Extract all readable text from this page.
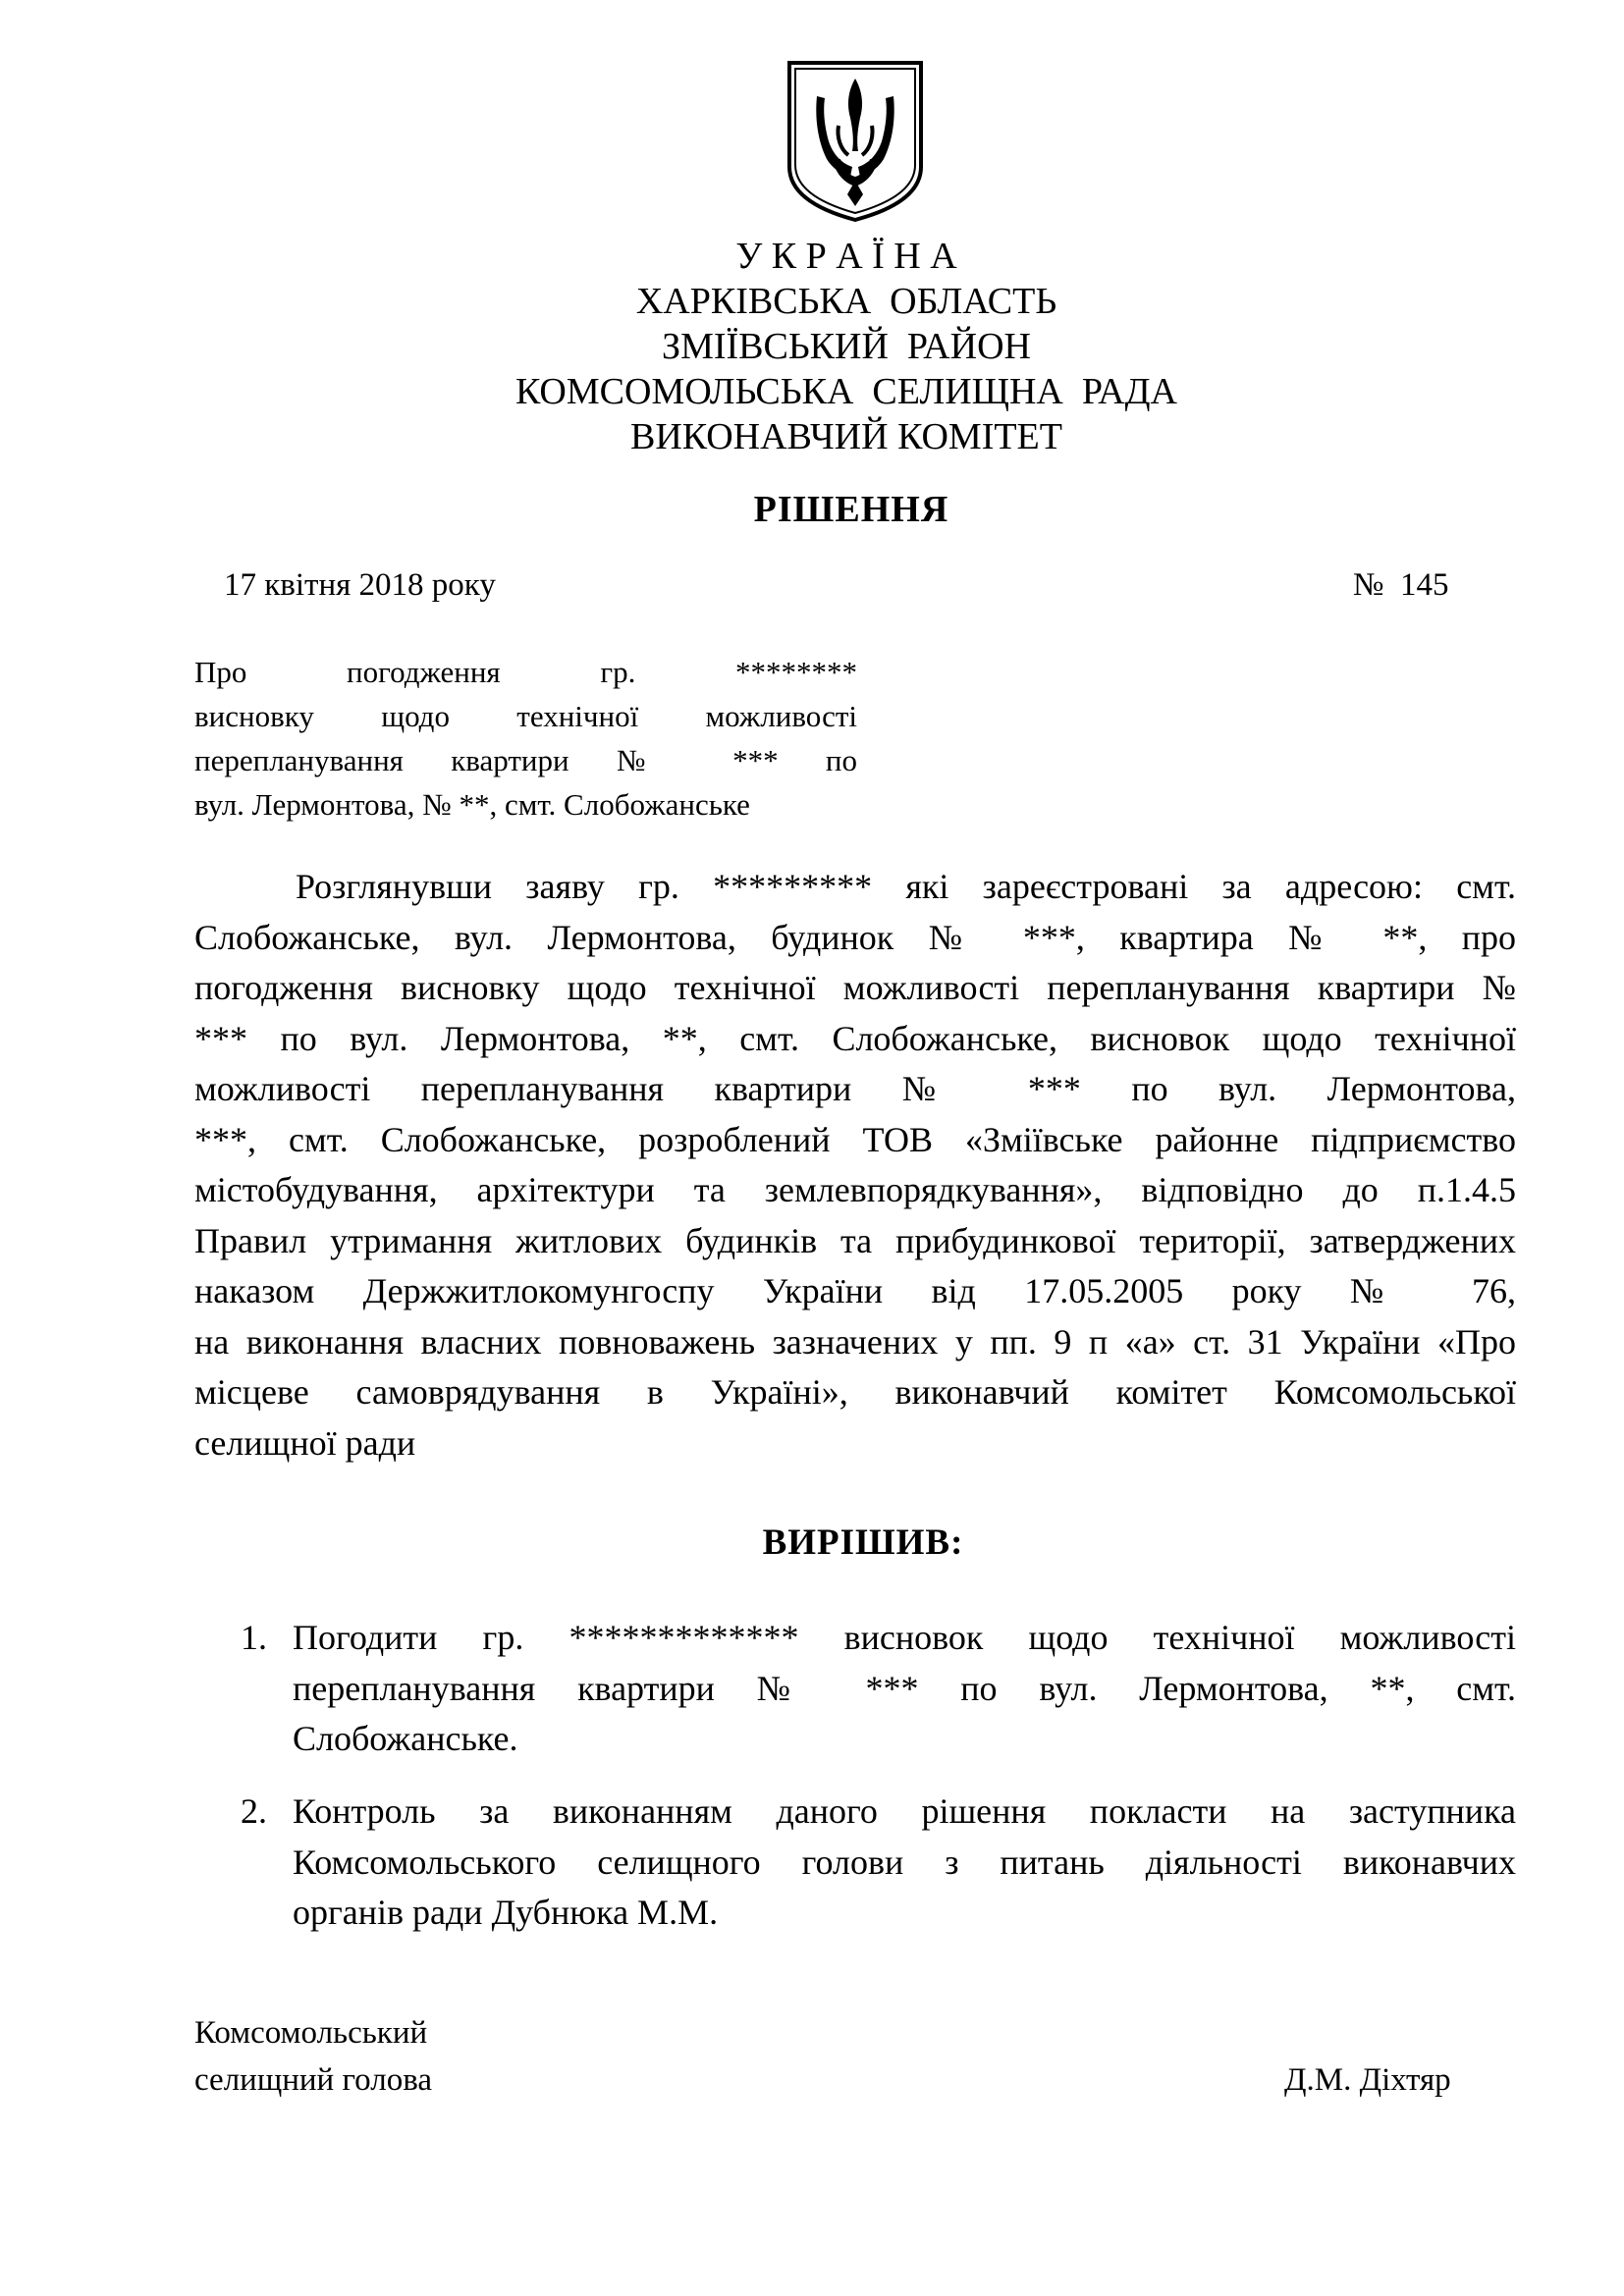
У К Р А Ї Н А
ХАРКІВСЬКА  ОБЛАСТЬ
ЗМІЇВСЬКИЙ  РАЙОН
КОМСОМОЛЬСЬКА  СЕЛИЩНА  РАДА
ВИКОНАВЧИЙ КОМІТЕТ
РІШЕННЯ
17 квітня 2018 року	№  145
Про погодження гр. ********
висновку щодо технічної можливості
перепланування квартири № *** по
вул. Лермонтова, № **, смт. Слобожанське
Розглянувши заяву гр. ********* які зареєстровані за адресою: смт.
Слобожанське, вул. Лермонтова, будинок № ***, квартира № **, про
погодження висновку щодо технічної можливості перепланування квартири №
*** по вул. Лермонтова, **, смт. Слобожанське, висновок щодо технічної
можливості перепланування квартири № *** по вул. Лермонтова,
***, смт. Слобожанське, розроблений ТОВ «Зміївське районне підприємство
містобудування, архітектури та землевпорядкування», відповідно до п.1.4.5
Правил утримання житлових будинків та прибудинкової території, затверджених
наказом Держжитлокомунгоспу України від 17.05.2005 року № 76,
на виконання власних повноважень зазначених у пп. 9 п «а» ст. 31 України «Про
місцеве самоврядування в Україні», виконавчий комітет Комсомольської
селищної ради
ВИРІШИВ:
1. Погодити гр. ************* висновок щодо технічної можливості
перепланування квартири № *** по вул. Лермонтова, **, смт.
Слобожанське.
2. Контроль за виконанням даного рішення покласти на заступника
Комсомольського селищного голови з питань діяльності виконавчих
органів ради Дубнюка М.М.
Комсомольський
селищний голова	Д.М. Діхтяр
